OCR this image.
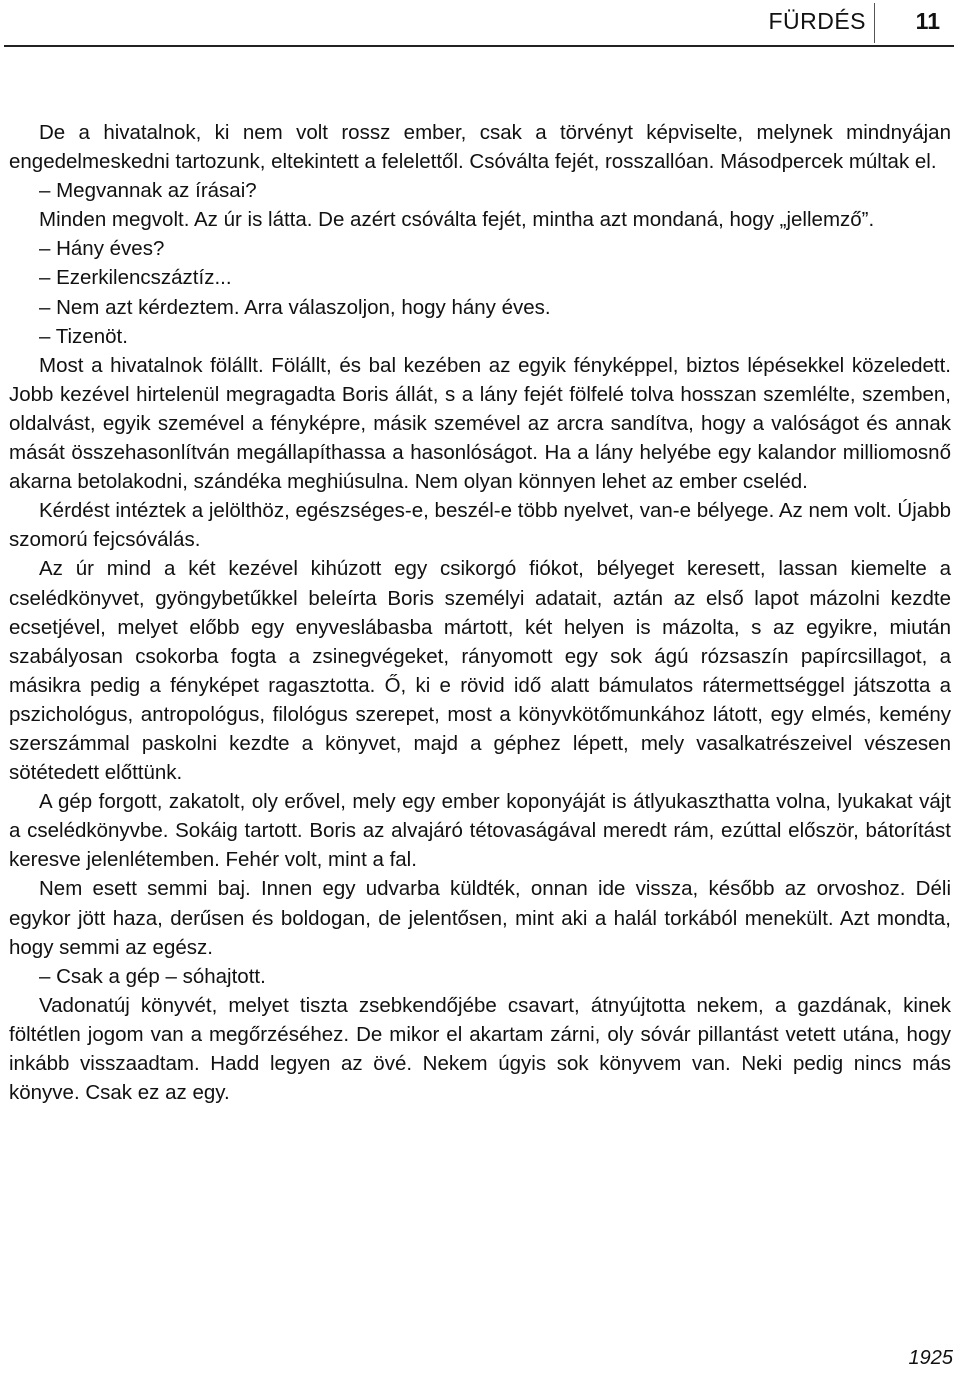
FÜRDÉS 11

De a hivatalnok, ki nem volt rossz ember, csak a törvényt képviselte, melynek mindnyájan engedelmeskedni tartozunk, eltekintett a felelettől. Csóválta fejét, rosszallóan. Másodpercek múltak el.

– Megvannak az írásai?

Minden megvolt. Az úr is látta. De azért csóválta fejét, mintha azt mondaná, hogy „jellemző”.

– Hány éves?

– Ezerkilencszáztíz...

– Nem azt kérdeztem. Arra válaszoljon, hogy hány éves.

– Tizenöt.

Most a hivatalnok fölállt. Fölállt, és bal kezében az egyik fényképpel, biztos lépésekkel közeledett. Jobb kezével hirtelenül megragadta Boris állát, s a lány fejét fölfelé tolva hosszan szemlélte, szemben, oldalvást, egyik szemével a fényképre, másik szemével az arcra sandítva, hogy a valóságot és annak mását összehasonlítván megállapíthassa a hasonlóságot. Ha a lány helyébe egy kalandor milliomosnő akarna betolakodni, szándéka meghiúsulna. Nem olyan könnyen lehet az ember cseléd.

Kérdést intéztek a jelölthöz, egészséges-e, beszél-e több nyelvet, van-e bélyege. Az nem volt. Újabb szomorú fejcsóválás.

Az úr mind a két kezével kihúzott egy csikorgó fiókot, bélyeget keresett, lassan kiemelte a cselédkönyvet, gyöngybetűkkel beleírta Boris személyi adatait, aztán az első lapot mázolni kezdte ecsetjével, melyet előbb egy enyveslábasba mártott, két helyen is mázolta, s az egyikre, miután szabályosan csokorba fogta a zsinegvégeket, rányomott egy sok ágú rózsaszín papírcsillagot, a másikra pedig a fényképet ragasztotta. Ő, ki e rövid idő alatt bámulatos rátermettséggel játszotta a pszichológus, antropológus, filológus szerepet, most a könyvkötőmunkához látott, egy elmés, kemény szerszámmal paskolni kezdte a könyvet, majd a géphez lépett, mely vasalkatrészeivel vészesen sötétedett előttünk.

A gép forgott, zakatolt, oly erővel, mely egy ember koponyáját is átlyukaszthatta volna, lyukakat vájt a cselédkönyvbe. Sokáig tartott. Boris az alvajáró tétovaságával meredt rám, ezúttal először, bátorítást keresve jelenlétemben. Fehér volt, mint a fal.

Nem esett semmi baj. Innen egy udvarba küldték, onnan ide vissza, később az orvoshoz. Déli egykor jött haza, derűsen és boldogan, de jelentősen, mint aki a halál torkából menekült. Azt mondta, hogy semmi az egész.

– Csak a gép – sóhajtott.

Vadonatúj könyvét, melyet tiszta zsebkendőjébe csavart, átnyújtotta nekem, a gazdának, kinek föltétlen jogom van a megőrzéséhez. De mikor el akartam zárni, oly sóvár pillantást vetett utána, hogy inkább visszaadtam. Hadd legyen az övé. Nekem úgyis sok könyvem van. Neki pedig nincs más könyve. Csak ez az egy.

1925
